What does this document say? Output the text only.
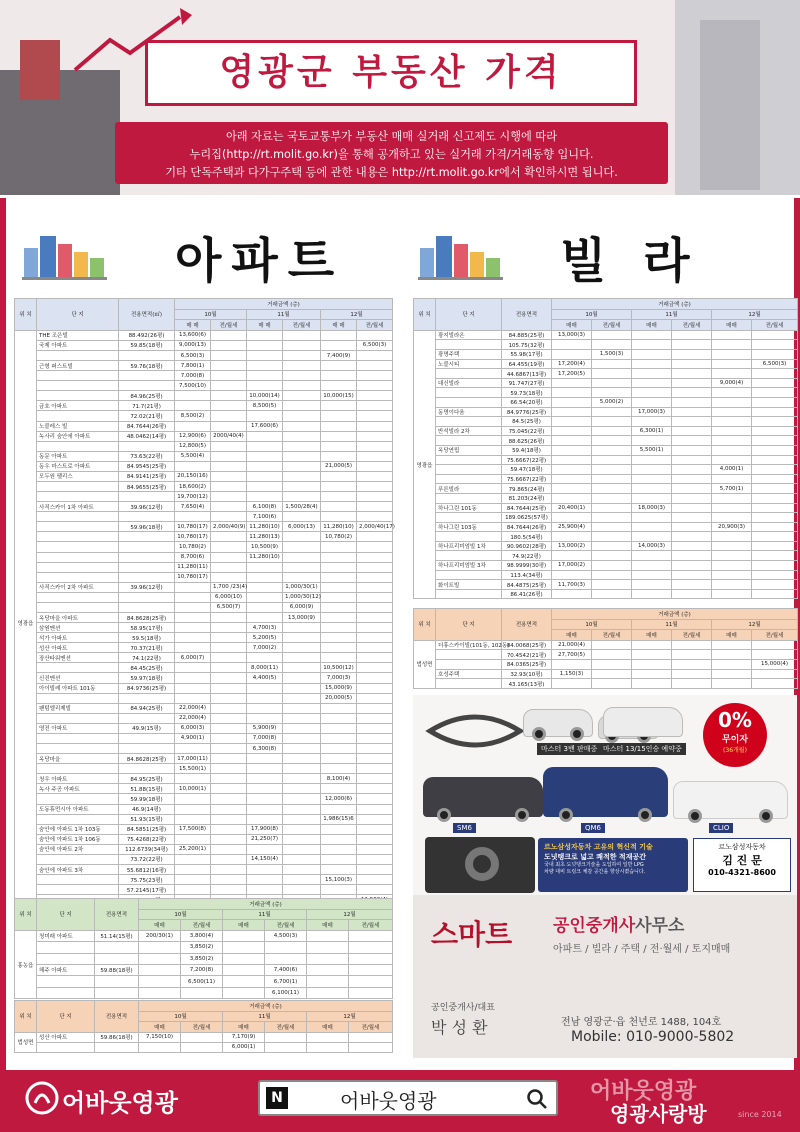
영광군 부동산 가격
아래 자료는 국토교통부가 부동산 매매 실거래 신고제도 시행에 따라
누리집(http://rt.molit.go.kr)을 통해 공개하고 있는 실거래 가격/거래동향 입니다.
기타 단독주택과 다가구주택 등에 관한 내용은 http://rt.molit.go.kr에서 확인하시면 됩니다.
아파트	빌 라
위 치	단 지	전용면적(㎡)	거래금액 (층)					
			10월		11월		12월	
			매 매	전/월세	매 매	전/월세	매 매	전/월세
영광읍	THE 조은빌	88.492(26평)	13,600(6)					
	국제 아파트	59.85(18평)	9,000(13)					6,500(3)
			6,500(3)				7,400(9)	
	근형 퍼스트빌	59.76(18평)	7,800(1)					
			7,000(8)					
			7,500(10)					
		84.96(25평)			10,000(14)		10,000(15)	
	금호 아파트	71.7(21평)			8,500(5)			
		72.02(21평)	8,500(2)					
	노블레스 빌	84.7644(26평)			17,600(6)			
	녹사리 숨안에 아파트	48.0462(14평)	12,900(6)	2000/40(4)				
			12,800(5)					
	동문 아파트	73.63(22평)	5,500(4)					
	동우 마스트로 아파트	84.9545(25평)					21,000(5)	
	모두원 팰리스	84.9141(25평)	20,150(16)					
		84.9655(25평)	18,600(2)					
			19,700(12)					
	사직스카이 1차 아파트	39.96(12평)	7,650(4)		6,100(8)	1,500/28(4)		
					7,100(6)			
		59.96(18평)	10,780(17)	2,000/40(9)	11,280(10)	6,000(13)	11,280(10)	2,000/40(17)
			10,780(17)		11,280(13)		10,780(2)	
			10,780(2)		10,500(9)			
			8,700(6)		11,280(10)			
			11,280(11)					
			10,780(17)					
	사직스카이 2차 아파트	39.96(12평)		1,700 /23(4)		1,000/30(1)		
				6,000(10)		1,000/30(12)		
				6,500(7)		6,000(9)		
	옥당마을 아파트	84.8628(25평)				13,000(9)		
	삼원맨션	58.95(17평)			4,700(3)			
	석가 아파트	59.5(18평)			5,200(5)			
	성산 아파트	70.37(21평)			7,000(2)			
	장산타워맨션	74.1(22평)	6,000(7)					
		84.45(25평)			8,000(11)		10,500(12)	
	신진맨션	59.97(18평)			4,400(5)		7,000(3)	
	아이빌레 아파트 101동	84.9736(25평)					15,000(9)	
							20,000(5)	
	팬텀엘리제빌	84.94(25평)	22,000(4)					
			22,000(4)					
	영진 아파트	49.9(15평)	6,000(3)		5,900(9)			
			4,900(1)		7,000(8)			
					6,300(8)			
	옥당마을	84.8628(25평)	17,000(11)					
			15,500(1)					
	청우 아파트	84.95(25평)					8,100(4)	
	녹사 주공 아파트	51.88(15평)	10,000(1)					
		59.99(18평)					12,000(6)	
	도동휴먼시아 아파트	46.9(14평)						
		51.93(15평)					1,986(15)6	
	숨안에 아파트 1차 103동	84.5851(25평)	17,500(8)		17,900(8)			
	숨안에 아파트 1차 106동	75.4268(22평)			21,250(7)			
	숨안에 아파트 2차	112.6739(34평)	25,200(1)					
		73.72(22평)			14,150(4)			
	숨안에 아파트 3차	55.6812(16평)						
		75.75(23평)					15,100(3)	
		57.2145(17평)						

위 치	단 지	전용면적	거래금액 (층)					
			10월		11월		12월	
			매매	전/월세	매매	전/월세	매매	전/월세
영광읍	광지빌라온	84.885(25평)	13,000(3)					
		105.75(32평)						
	광명주택	55.98(17평)		1,500(3)				
	노블시티	64.455(19평)	17,200(4)					6,500(3)
		44.6867(13평)	17,200(5)					
	대신빌라	91.747(27평)					9,000(4)	
		59.73(18평)						
		66.54(20평)		5,000(2)				
	동명이다움	84.9776(25평)			17,000(3)			
		84.5(25평)						
	반석빌라 2차	75.045(22평)			6,300(1)			
		88.625(26평)						
	옥당연립	59.4(18평)			5,500(1)			
		75.6667(22평)						
		59.47(18평)					4,000(1)	
		75.6667(22평)						
	푸른빌라	79.865(24평)					5,700(1)	
		81.203(24평)						
	하나그린 101동	84.7644(25평)	20,400(1)		18,000(3)			
		189.0625(57평)						
	하나그린 103동	84.7644(26평)	25,900(4)				20,900(3)	
		180.5(54평)						
	하나프리미엄빌 1차	90.9602(28평)	13,000(2)		14,000(3)			
		74.9(22평)						
	하나프리미엄빌 3차	98.9999(30평)	17,000(2)					
		113.4(34평)						
	화이트빌	84.4875(25평)	11,700(3)					
		86.41(26평)						
위 치	단 지	전용면적	거래금액 (층)					
			10월		11월		12월	
			매매	전/월세	매매	전/월세	매매	전/월세
법성면	더휴스카이빌(101동, 102동)	84.0068(25평)	21,000(4)					
		70.4542(21평)	27,700(5)					
		84.0365(25평)						15,000(4)
	호성주택	32.93(10평)	1,150(3)					
		43.165(13평)						
위 치	단 지	전용면적	거래금액 (층)					
			10월		11월		12월	
			매매	전/월세	매매	전/월세	매매	전/월세
홍농읍	청미래 아파트	51.14(15평)	200/30(1)	3,800(4)		4,500(3)		
				3,850(2)				
				3,850(2)				
	해주 아파트	59.88(18평)		7,200(8)		7,400(6)		
				6,500(11)		6,700(1)		
						6,100(11)		
위 치	단 지	전용면적	거래금액 (층)					
			10월		11월		12월	
			매매	전/월세	매매	전/월세	매매	전/월세
법성면	성산 아파트	59.86(18평)	7,150(10)		7,170(9)			
					6,000(1)			
마스터 3밴 판매중 마스터 13/15인승 예약중
SM6	QM6	CLIO
르노삼성자동차 고유의 혁신적 기술
도넛탱크로 넓고 쾌적한 적재공간
국내 최초 도넛탱크기술을 도입하여 일반 LPG
차량 대비 트렁크 체감 공간을 향상시켰습니다.
르노삼성자동차
김 진 문
010-4321-8600
스마트 공인중개사사무소
아파트 / 빌라 / 주택 / 전·월세 / 토지매매
공인중개사/대표
박 성 환	전남 영광군·읍 천년로 1488, 104호
Mobile: 010-9000-5802
0%
무이자
(36개월)
어바웃영광	N	어바웃영광	어바웃영광
영광사랑방	since 2014
